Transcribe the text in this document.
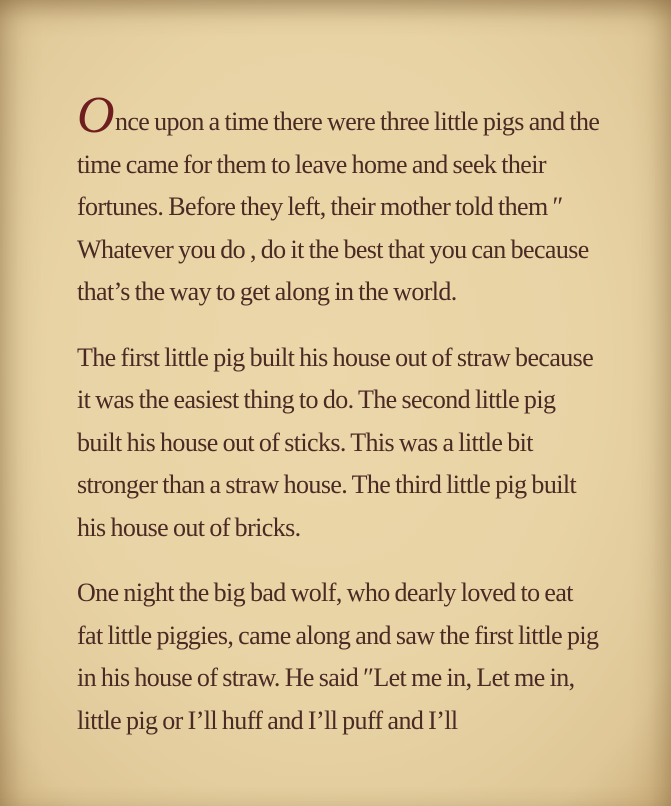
Once upon a time there were three little pigs and the time came for them to leave home and seek their fortunes. Before they left, their mother told them ″ Whatever you do , do it the best that you can because that’s the way to get along in the world.

The first little pig built his house out of straw because it was the easiest thing to do. The second little pig built his house out of sticks. This was a little bit stronger than a straw house. The third little pig built his house out of bricks.

One night the big bad wolf, who dearly loved to eat fat little piggies, came along and saw the first little pig in his house of straw. He said ″Let me in, Let me in, little pig or I’ll huff and I’ll puff and I’ll
